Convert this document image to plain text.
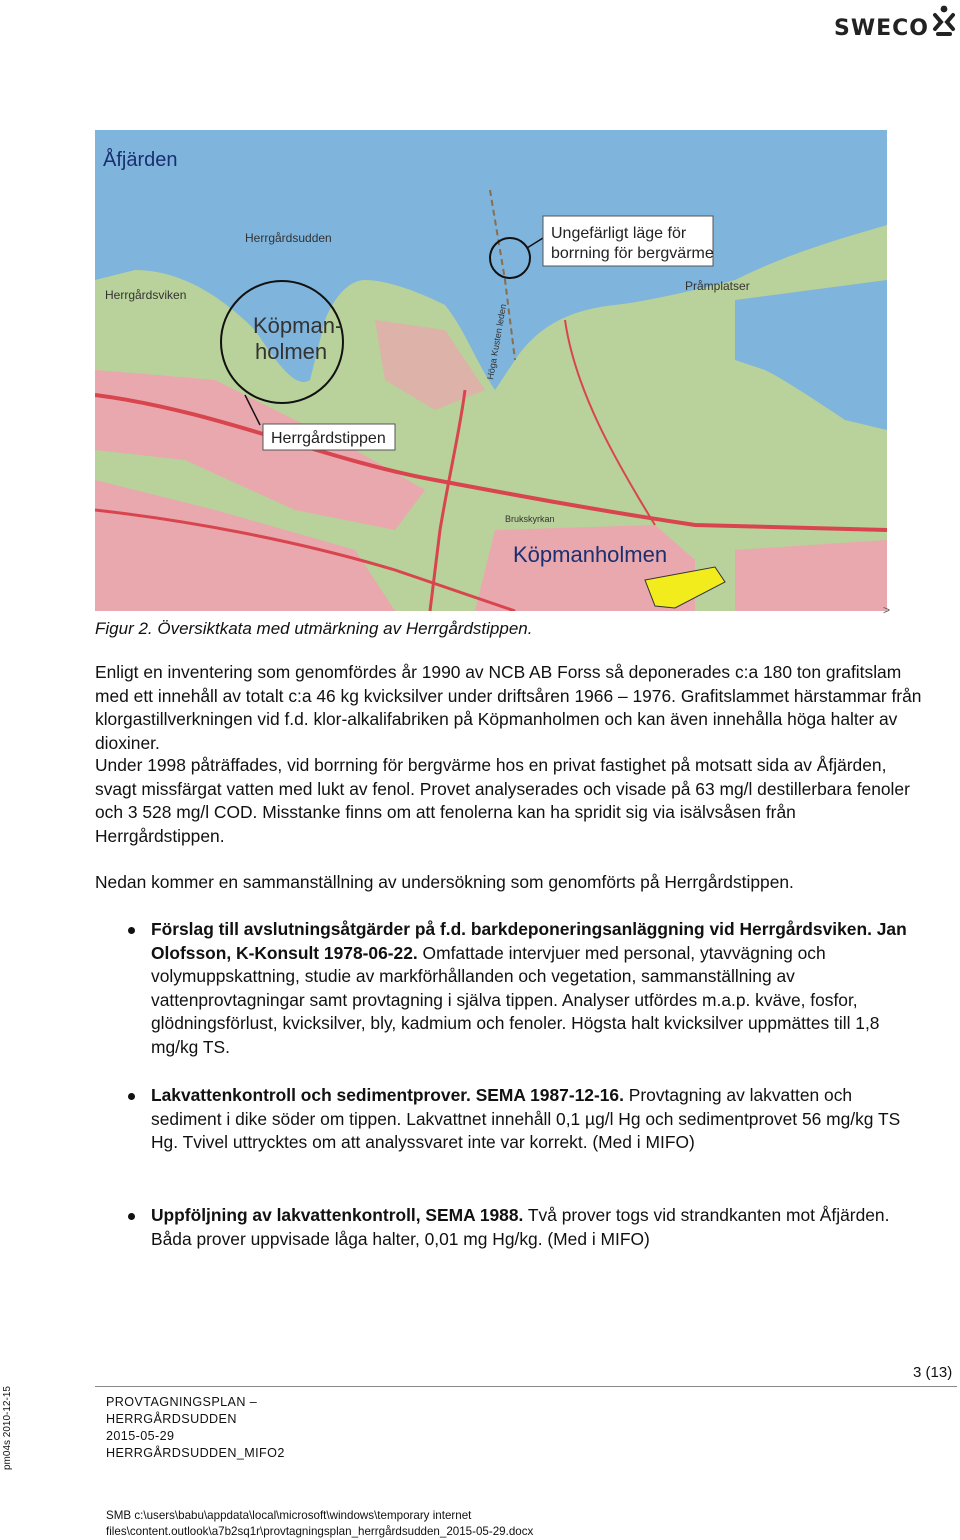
SWECO
Åfjärden
Herrgårdsudden
Herrgårdsviken
Köpman-
holmen
Herrgårdstippen
Ungefärligt läge för
borrning för bergvärme
Pråmplatser
Brukskyrkan
Köpmanholmen
Höga Kusten leden
>
Figur 2. Översiktkata med utmärkning av Herrgårdstippen.

Enligt en inventering som genomfördes år 1990 av NCB AB Forss så deponerades c:a 180 ton grafitslam med ett innehåll av totalt c:a 46 kg kvicksilver under driftsåren 1966 – 1976. Grafitslammet härstammar från klorgastillverkningen vid f.d. klor-alkalifabriken på Köpmanholmen och kan även innehålla höga halter av dioxiner.

Under 1998 påträffades, vid borrning för bergvärme hos en privat fastighet på motsatt sida av Åfjärden, svagt missfärgat vatten med lukt av fenol. Provet analyserades och visade på 63 mg/l destillerbara fenoler och 3 528 mg/l COD. Misstanke finns om att fenolerna kan ha spridit sig via isälvsåsen från Herrgårdstippen.

Nedan kommer en sammanställning av undersökning som genomförts på Herrgårdstippen.

Förslag till avslutningsåtgärder på f.d. barkdeponeringsanläggning vid Herrgårdsviken. Jan Olofsson, K-Konsult 1978-06-22. Omfattade intervjuer med personal, ytavvägning och volymuppskattning, studie av markförhållanden och vegetation, sammanställning av vattenprovtagningar samt provtagning i själva tippen. Analyser utfördes m.a.p. kväve, fosfor, glödningsförlust, kvicksilver, bly, kadmium och fenoler. Högsta halt kvicksilver uppmättes till 1,8 mg/kg TS.

Lakvattenkontroll och sedimentprover. SEMA 1987-12-16. Provtagning av lakvatten och sediment i dike söder om tippen. Lakvattnet innehåll 0,1 µg/l Hg och sedimentprovet 56 mg/kg TS Hg. Tvivel uttrycktes om att analyssvaret inte var korrekt. (Med i MIFO)

Uppföljning av lakvattenkontroll, SEMA 1988. Två prover togs vid strandkanten mot Åfjärden. Båda prover uppvisade låga halter, 0,01 mg Hg/kg. (Med i MIFO)

3 (13)
pm04s 2010-12-15	PROVTAGNINGSPLAN –
HERRGÅRDSUDDEN
2015-05-29
HERRGÅRDSUDDEN_MIFO2
SMB c:\users\babu\appdata\local\microsoft\windows\temporary internet
files\content.outlook\a7b2sq1r\provtagningsplan_herrgårdsudden_2015-05-29.docx
